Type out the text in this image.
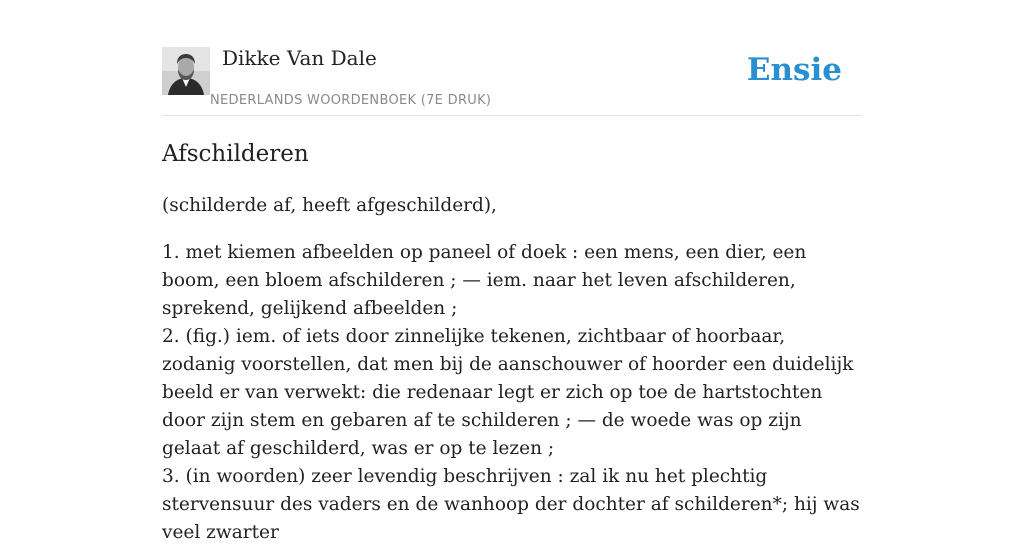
Dikke Van Dale
NEDERLANDS WOORDENBOEK (7E DRUK)
Ensie
Afschilderen
(schilderde af, heeft afgeschilderd),
1. met kiemen afbeelden op paneel of doek : een mens, een dier, een boom, een bloem afschilderen ; — iem. naar het leven afschilderen, sprekend, gelijkend afbeelden ;
2. (fig.) iem. of iets door zinnelijke tekenen, zichtbaar of hoorbaar, zodanig voorstellen, dat men bij de aanschouwer of hoorder een duidelijk beeld er van verwekt: die redenaar legt er zich op toe de hartstochten door zijn stem en gebaren af te schilderen ; — de woede was op zijn gelaat af geschilderd, was er op te lezen ;
3. (in woorden) zeer levendig beschrijven : zal ik nu het plechtig stervensuur des vaders en de wanhoop der dochter af schilderen*; hij was veel zwarter
